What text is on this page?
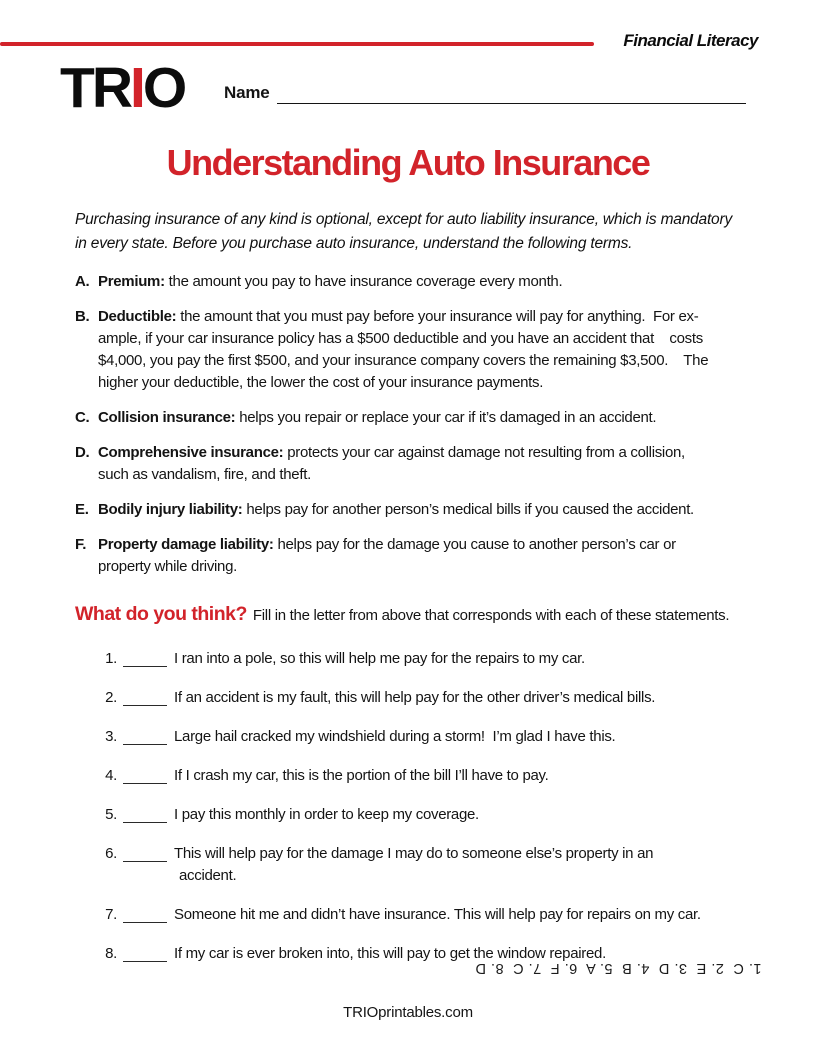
Financial Literacy
TRIO Name
Understanding Auto Insurance

Purchasing insurance of any kind is optional, except for auto liability insurance, which is mandatory in every state. Before you purchase auto insurance, understand the following terms.

A. Premium: the amount you pay to have insurance coverage every month.

B. Deductible: the amount that you must pay before your insurance will pay for anything.  For ex-

ample, if your car insurance policy has a $500 deductible and you have an accident that    costs

$4,000, you pay the first $500, and your insurance company covers the remaining $3,500.    The

higher your deductible, the lower the cost of your insurance payments.

C. Collision insurance: helps you repair or replace your car if it’s damaged in an accident.

D. Comprehensive insurance: protects your car against damage not resulting from a collision,

such as vandalism, fire, and theft.

E. Bodily injury liability: helps pay for another person’s medical bills if you caused the accident.

F. Property damage liability: helps pay for the damage you cause to another person’s car or

property while driving.

What do you think? Fill in the letter from above that corresponds with each of these statements.
1.	I ran into a pole, so this will help me pay for the repairs to my car.

2.	If an accident is my fault, this will help pay for the other driver’s medical bills.

3.	Large hail cracked my windshield during a storm!  I’m glad I have this.

4.	If I crash my car, this is the portion of the bill I’ll have to pay.

5.	I pay this monthly in order to keep my coverage.

6.	This will help pay for the damage I may do to someone else’s property in an

accident.

7.	Someone hit me and didn’t have insurance. This will help pay for repairs on my car.

8.	If my car is ever broken into, this will pay to get the window repaired.

1. C  2. E  3. D  4. B  5. A  6. F  7. C  8. D
TRIOprintables.com
